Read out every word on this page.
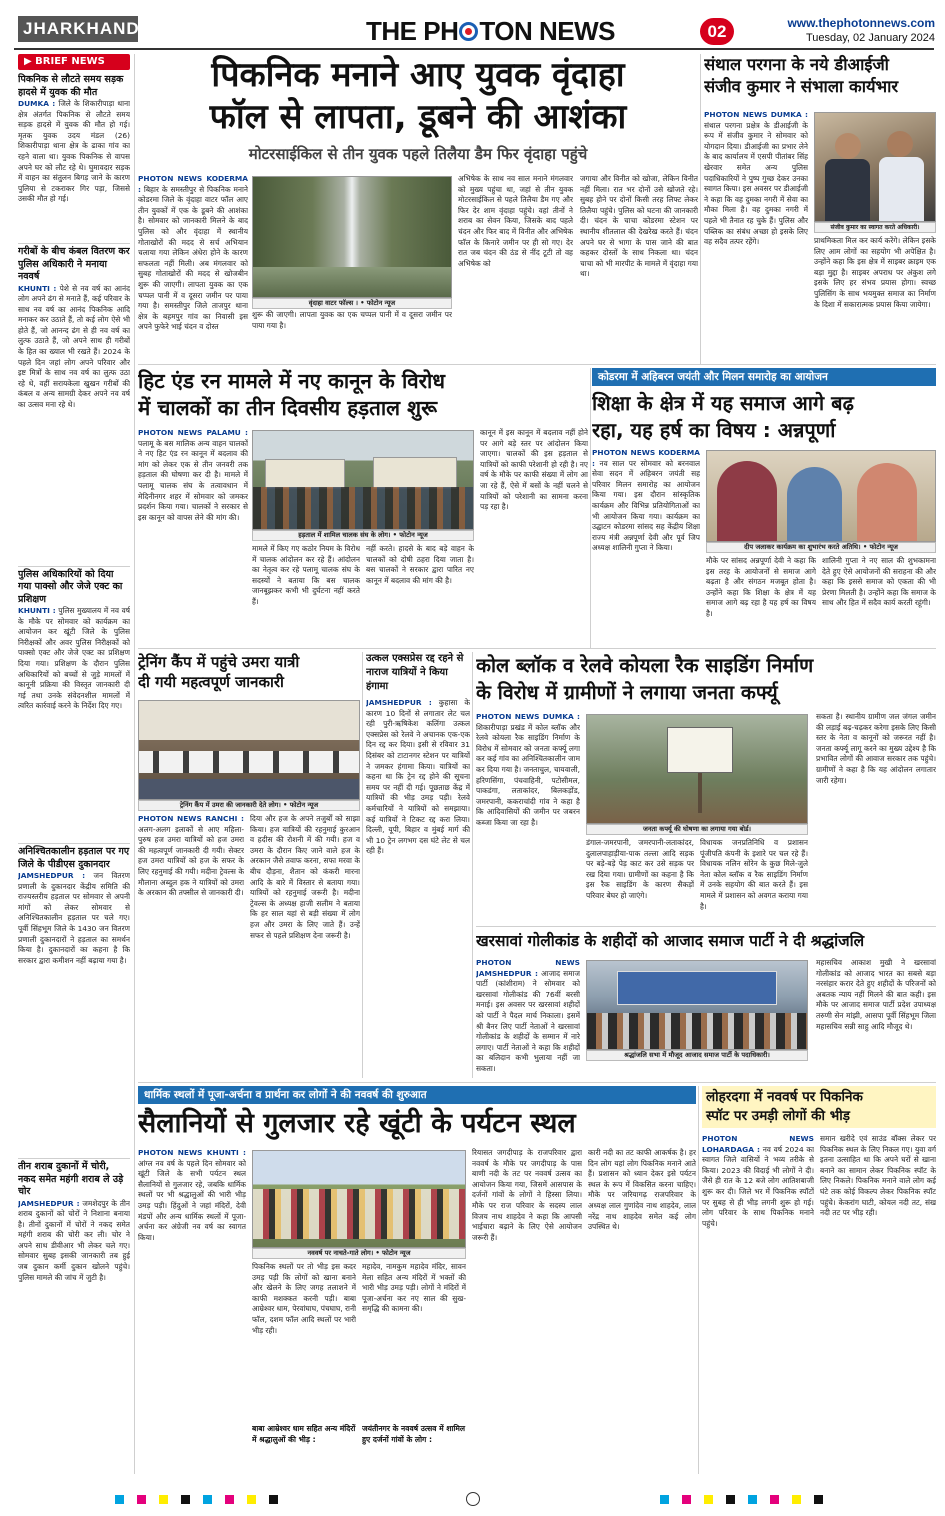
JHARKHAND	THE PH TON NEWS	02	www.thephotonnews.com
Tuesday, 02 January 2024
▶ BRIEF NEWS
पिकनिक से लौटते समय सड़क हादसे में युवक की मौत
DUMKA : जिले के शिकारीपाड़ा थाना क्षेत्र अंतर्गत पिकनिक से लौटते समय सड़क हादसे में युवक की मौत हो गई। मृतक युवक उदय मंडल (26) शिकारीपाड़ा थाना क्षेत्र के ढाका गांव का रहने वाला था। युवक पिकनिक से वापस अपने घर को लौट रहे थे। घुमावदार सड़क में वाहन का संतुलन बिगड़ जाने के कारण पुलिया से टकराकर गिर पड़ा, जिससे उसकी मौत हो गई।
गरीबों के बीच कंबल वितरण कर पुलिस अधिकारी ने मनाया नववर्ष
KHUNTI : पेशे से नव वर्ष का आनंद लोग अपने ढंग से मनाते हैं, कई परिवार के साथ नव वर्ष का आनंद पिकनिक आदि मनाकर कर उठाते हैं, तो कई लोग ऐसे भी होते हैं, जो आनन्द ढंग से ही नव वर्ष का लुत्फ उठाते हैं, जो अपने साथ ही गरीबों के हित का ख्याल भी रखते हैं। 2024 के पहले दिन जहां लोग अपने परिवार और इष्ट मित्रों के साथ नव वर्ष का लुत्फ उठा रहे थे, वहीं सरायकेला खुखन गरीबों की कंबल व अन्य सामग्री देकर अपने नव वर्ष का उत्सव मना रहे थे।
पुलिस अधिकारियों को दिया गया पाक्सो और जेजे एक्ट का प्रशिक्षण
KHUNTI : पुलिस मुख्यालय में नव वर्ष के मौके पर सोमवार को कार्यक्रम का आयोजन कर खूंटी जिले के पुलिस निरीक्षकों और अवर पुलिस निरीक्षकों को पाक्सो एक्ट और जेजे एक्ट का प्रशिक्षण दिया गया। प्रशिक्षण के दौरान पुलिस अधिकारियों को बच्चों से जुड़े मामलों में कानूनी प्रक्रिया की विस्तृत जानकारी दी गई तथा उनके संवेदनशील मामलों में त्वरित कार्रवाई करने के निर्देश दिए गए।
अनिश्चितकालीन हड़ताल पर गए जिले के पीडीएस दुकानदार
JAMSHEDPUR : जन वितरण प्रणाली के दुकानदार केंद्रीय समिति की राज्यस्तरीय हड़ताल पर सोमवार से अपनी मांगों को लेकर सोमवार से अनिश्चितकालीन हड़ताल पर चले गए। पूर्वी सिंहभूम जिले के 1430 जन वितरण प्रणाली दुकानदारों ने हड़ताल का समर्थन किया है। दुकानदारों का कहना है कि सरकार द्वारा कमीशन नहीं बढ़ाया गया है।
तीन शराब दुकानों में चोरी, नकद समेत महंगी शराब ले उड़े चोर
JAMSHEDPUR : जमशेदपुर के तीन शराब दुकानों को चोरों ने निशाना बनाया है। तीनों दुकानों में चोरों ने नकद समेत महंगी शराब की चोरी कर ली। चोर ने अपने साथ डीवीआर भी लेकर चले गए। सोमवार सुबह इसकी जानकारी तब हुई जब दुकान कर्मी दुकान खोलने पहुंचे। पुलिस मामले की जांच में जुटी है।
पिकनिक मनाने आए युवक वृंदाहा
फॉल से लापता, डूबने की आशंका
मोटरसाईकिल से तीन युवक पहले तिलैया डैम फिर वृंदाहा पहुंचे
PHOTON NEWS KODERMA : बिहार के समस्तीपुर से पिकनिक मनाने कोडरमा जिले के वृंदाहा वाटर फॉल आए तीन युवकों में एक के डूबने की आशंका है। सोमवार को जानकारी मिलने के बाद पुलिस को और वृंदाहा में स्थानीय गोताखोरों की मदद से सर्च अभियान चलाया गया लेकिन अंधेरा होने के कारण सफलता नहीं मिली। अब मंगलवार को सुबह गोताखोरों की मदद से खोजबीन शुरू की जाएगी। लापता युवक का एक चप्पल पानी में व दूसरा जमीन पर पाया गया है। समस्तीपुर जिले ताजपुर थाना क्षेत्र के बहमपुर गांव का निवासी इस अपने फुफेरे भाई चंदन व दोस्त
वृंदाहा वाटर फॉल्स । • फोटोन न्यूज
शुरू की जाएगी। लापता युवक का एक चप्पल पानी में व दूसरा जमीन पर पाया गया है।
अभिषेक के साथ नव साल मनाने मंगलवार को मुख्य पहुंचा था, जहां से तीन युवक मोटरसाईकिल से पहले तिलैया डैम गए और फिर देर शाम वृंदाहा पहुंचे। वहां तीनों ने शराब का सेवन किया, जिसके बाद पहले चंदन और फिर बाद में विनीत और अभिषेक फॉल के किनारे जमीन पर ही सो गए। देर रात जब चंदन की ठंड से नींद टूटी तो वह अभिषेक को
जगाया और विनीत को खोजा, लेकिन विनीत नहीं मिला। रात भर दोनों उसे खोजते रहे। सुबह होने पर दोनों किसी तरह लिफ्ट लेकर तिलैया पहुंचे। पुलिस को घटना की जानकारी दी। चंदन के चाचा कोडरमा स्टेशन पर स्थानीय शीतलाल की देखरेख करते हैं। चंदन अपने घर से भागा के पास जाने की बात कहकर दोस्तों के साथ निकला था। चंदन चाचा को भी मारपीट के मामले में वृंदाहा गया था।
संथाल परगना के नये डीआईजी
संजीव कुमार ने संभाला कार्यभार
PHOTON NEWS DUMKA : संथाल परगना प्रक्षेत्र के डीआईजी के रूप में संजीव कुमार ने सोमवार को योगदान दिया। डीआईजी का प्रभार लेने के बाद कार्यालय में एसपी पीतांबर सिंह खेरवार समेत अन्य पुलिस पदाधिकारियों ने पुष्प गुच्छ देकर उनका स्वागत किया। इस अवसर पर डीआईजी ने कहा कि वह दुमका नगरी में सेवा का मौका मिला है। वह दुमका नगरी में पहले भी तैनात रह चुके हैं। पुलिस और पब्लिक का संबंध अच्छा हो इसके लिए वह सदैव तत्पर रहेंगे।
संजीव कुमार का स्वागत करते अधिकारी।
प्राथमिकता मिल कर कार्य करेंगे। लेकिन इसके लिए आम लोगों का सहयोग भी अपेक्षित है। उन्होंने कहा कि इस क्षेत्र में साइबर क्राइम एक बड़ा मुद्दा है। साइबर अपराध पर अंकुश लगे इसके लिए हर संभव प्रयास होगा। स्वच्छ पुलिसिंग के साथ भयमुक्त समाज का निर्माण के दिशा में सकारात्मक प्रयास किया जायेगा।
हिट एंड रन मामले में नए कानून के विरोध
में चालकों का तीन दिवसीय हड़ताल शुरू
PHOTON NEWS PALAMU : पलामू के बस मालिक अन्य वाहन चालकों ने नए हिट एंड रन कानून में बदलाव की मांग को लेकर एक से तीन जनवरी तक हड़ताल की घोषणा कर दी है। मामले में पलामू चालक संघ के तत्वावधान में मेदिनीनगर शहर में सोमवार को जमकर प्रदर्शन किया गया। चालकों ने सरकार से इस कानून को वापस लेने की मांग की।
हड़ताल में शामिल चालक संघ के लोग। • फोटोन न्यूज
मामले में किए गए कठोर नियम के विरोध में चालक आंदोलन कर रहे हैं। आंदोलन का नेतृत्व कर रहे पलामू चालक संघ के सदस्यों ने बताया कि बस चालक जानबूझकर कभी भी दुर्घटना नहीं करते हैं।
नहीं करते। हादसे के बाद बड़े वाहन के चालकों को दोषी ठहरा दिया जाता है। बस चालकों ने सरकार द्वारा पारित नए कानून में बदलाव की मांग की है।
कानून में इस कानून में बदलाव नहीं होने पर आगे बड़े स्तर पर आंदोलन किया जाएगा। चालकों की इस हड़ताल से यात्रियों को काफी परेशानी हो रही है। नए वर्ष के मौके पर काफी संख्या में लोग आ जा रहे हैं, ऐसे में बसों के नहीं चलने से यात्रियों को परेशानी का सामना करना पड़ रहा है।
कोडरमा में अहिबरन जयंती और मिलन समारोह का आयोजन
शिक्षा के क्षेत्र में यह समाज आगे बढ़
रहा, यह हर्ष का विषय : अन्नपूर्णा
PHOTON NEWS KODERMA : नव साल पर सोमवार को बरनवाल सेवा सदन में अहिबरन जयंती सह परिवार मिलन समारोह का आयोजन किया गया। इस दौरान सांस्कृतिक कार्यक्रम और विभिन्न प्रतियोगिताओं का भी आयोजन किया गया। कार्यक्रम का उद्घाटन कोडरमा सांसद सह केंद्रीय शिक्षा राज्य मंत्री अन्नपूर्णा देवी और पूर्व जिप अध्यक्ष शालिनी गुप्ता ने किया।	दीप जलाकर कार्यक्रम का शुभारंभ करते अतिथि। • फोटोन न्यूज
मौके पर सांसद अन्नपूर्णा देवी ने कहा कि इस तरह के आयोजनों से समाज आगे बढ़ता है और संगठन मजबूत होता है। उन्होंने कहा कि शिक्षा के क्षेत्र में यह समाज आगे बढ़ रहा है यह हर्ष का विषय है।
शालिनी गुप्ता ने नए साल की शुभकामना देते हुए ऐसे आयोजनों की सराहना की और कहा कि इससे समाज को एकता की भी प्रेरणा मिलती है। उन्होंने कहा कि समाज के साथ और हित में सदैव कार्य करती रहूंगी।
ट्रेनिंग कैंप में पहुंचे उमरा यात्री
दी गयी महत्वपूर्ण जानकारी
ट्रेनिंग कैंप में उमरा की जानकारी देते लोग। • फोटोन न्यूज
PHOTON NEWS RANCHI : अलग-अलग इलाकों से आए महिला-पुरुष हज उमरा यात्रियों को हज उमरा की महत्वपूर्ण जानकारी दी गयी। सेक्टर हज उमरा यात्रियों को हज के सफर के लिए रहनुमाई की गयी। मदीना ट्रेवल्स के मौलाना अब्दुल हक ने यात्रियों को उमरा के अरकान की तफ्सील से जानकारी दी।
दिया और हज के अपने तजुर्बों को साझा किया। हज यात्रियों की रहनुमाई कुरआन व हदीस की रोशनी में की गयी। हज व उमरा के दौरान किए जाने वाले हज के अरकान जैसे तवाफ करना, सफा मरवा के बीच दौड़ना, शैतान को कंकरी मारना आदि के बारे में विस्तार से बताया गया। यात्रियों को रहनुमाई जरूरी है। मदीना ट्रेवल्स के अध्यक्ष हाजी सलीम ने बताया कि हर साल यहां से बड़ी संख्या में लोग हज और उमरा के लिए जाते हैं। उन्हें सफर से पहले प्रशिक्षण देना जरूरी है।
उत्कल एक्सप्रेस रद्द रहने से नाराज यात्रियों ने किया हंगामा
JAMSHEDPUR : कुहासा के कारण 10 दिनों से लगातार लेट चल रही पुरी-ऋषिकेश कलिंगा उत्कल एक्सप्रेस को रेलवे ने अचानक एक-एक दिन रद्द कर दिया। इसी से रविवार 31 दिसंबर को टाटानगर स्टेशन पर यात्रियों ने जमकर हंगामा किया। यात्रियों का कहना था कि ट्रेन रद्द होने की सूचना समय पर नहीं दी गई। पूछताछ केंद्र में यात्रियों की भीड़ उमड़ पड़ी। रेलवे कर्मचारियों ने यात्रियों को समझाया। कई यात्रियों ने टिकट रद्द करा लिया। दिल्ली, यूपी, बिहार व मुंबई मार्ग की भी 10 ट्रेन लगभग दस घंटे लेट से चल रही हैं।
कोल ब्लॉक व रेलवे कोयला रैक साइडिंग निर्माण
के विरोध में ग्रामीणों ने लगाया जनता कर्फ्यू
PHOTON NEWS DUMKA : शिकारीपाड़ा प्रखंड में कोल ब्लॉक और रेलवे कोयला रैक साइडिंग निर्माण के विरोध में सोमवार को जनता कर्फ्यू लगा कर कई गांव का अनिश्चितकालीन जाम कर दिया गया है। जनताचुल, चायवाली, हरिणसिंगा, पंचवाहिनी, पटोसीमल, पाकडंगा, लताकांदर, बिलकड़ोंड, जमरपानी, ककराचांदी गांव ने कहा है कि आदिवासियों की जमीन पर जबरन कब्जा किया जा रहा है।
जनता कर्फ्यू की घोषणा का लगाया गया बोर्ड।
डंगाल-जमरपानी, जमरपानी-लताकांदर, दुलालपाहाड़ीया-पाक तल्ला आदि सड़क पर बड़े-बड़े पेड़ काट कर उसे सड़क पर रख दिया गया। ग्रामीणों का कहना है कि इस रैक साइडिंग के कारण सैकड़ों परिवार बेघर हो जाएंगे।
विधायक जनप्रतिनिधि व प्रशासन पूंजीपति कंपनी के इशारे पर चल रहे हैं। विधायक नलिन सोरेन के कुछ मिले-जुले नेता कोल ब्लॉक व रैक साइडिंग निर्माण में उनके सहयोग की बात करते हैं। इस मामले में प्रशासन को अवगत कराया गया है।
सकता है। स्थानीय ग्रामीण जल जंगल जमीन की लड़ाई बढ़-चढ़कर करेगा इसके लिए किसी स्तर के नेता व कानूनों को जरूरत नहीं है। जनता कर्फ्यू लागू करने का मुख्य उद्देश्य है कि प्रभावित लोगों की आवाज सरकार तक पहुंचे। ग्रामीणों ने कहा है कि यह आंदोलन लगातार जारी रहेगा।
खरसावां गोलीकांड के शहीदों को आजाद समाज पार्टी ने दी श्रद्धांजलि
PHOTON NEWS JAMSHEDPUR : आजाद समाज पार्टी (कांशीराम) ने सोमवार को खरसावां गोलीकांड की 76वीं बरसी मनाई। इस अवसर पर खरसावां शहीदों को पार्टी ने पैदल मार्च निकाला। इसमें श्री बैनर लिए पार्टी नेताओं ने खरसावां गोलीकांड के शहीदों के सम्मान में नारे लगाए। पार्टी नेताओं ने कहा कि शहीदों का बलिदान कभी भुलाया नहीं जा सकता।
श्रद्धांजलि सभा में मौजूद आजाद समाज पार्टी के पदाधिकारी।
महासचिव आकाश मुखी ने खरसावां गोलीकांड को आजाद भारत का सबसे बड़ा नरसंहार करार देते हुए शहीदों के परिजनों को अबतक न्याय नहीं मिलने की बात कही। इस मौके पर आजाद समाज पार्टी प्रदेश उपाध्यक्ष तरुणी सेन मांझी, आसपा पूर्वी सिंहभूम जिला महासचिव सन्नी साहु आदि मौजूद थे।
धार्मिक स्थलों में पूजा-अर्चना व प्रार्थना कर लोगों ने की नववर्ष की शुरुआत
सैलानियों से गुलजार रहे खूंटी के पर्यटन स्थल
PHOTON NEWS KHUNTI : आंग्ल नव वर्ष के पहले दिन सोमवार को खूंटी जिले के सभी पर्यटन स्थल सैलानियों से गुलजार रहे, जबकि धार्मिक स्थलों पर भी श्रद्धालुओं की भारी भीड़ उमड़ पड़ी। हिंदुओं ने जहां मंदिरों, देवी मंडपों और अन्य धार्मिक स्थलों में पूजा-अर्चना कर अंग्रेजी नव वर्ष का स्वागत किया।
नववर्ष पर नाचते-गाते लोग। • फोटोन न्यूज
पिकनिक स्थलों पर तो भीड़ इस कदर उमड़ पड़ी कि लोगों को खाना बनाने और खेलने के लिए जगह तलाशने में काफी मशक्कत करनी पड़ी। बाबा आम्रेश्वर धाम, पेरवांघाघ, पंचघाघ, रानी फॉल, दशम फॉल आदि स्थलों पर भारी भीड़ रही।
महादेव, नामकुम महादेव मंदिर, सावन मेला सहित अन्य मंदिरों में भक्तों की भारी भीड़ उमड़ पड़ी। लोगों ने मंदिरों में पूजा-अर्चना कर नए साल की सुख-समृद्धि की कामना की।
बाबा आम्रेश्वर धाम सहित अन्य मंदिरों में श्रद्धालुओं की भीड़ :
जयंतीनगर के नववर्ष उत्सव में शामिल हुए दर्जनों गांवों के लोग :
रियासत जगदीपाड़ के राजपरिवार द्वारा नववर्ष के मौके पर जगदीपाड़ के पास बाणी नदी के तट पर नववर्ष उत्सव का आयोजन किया गया, जिसमें आसपास के दर्जनों गांवों के लोगों ने हिस्सा लिया। मौके पर राज परिवार के सदस्य लाल विजय नाथ शाहदेव ने कहा कि आपसी भाईचारा बढ़ाने के लिए ऐसे आयोजन जरूरी हैं।
कारी नदी का तट काफी आकर्षक है। हर दिन लोग यहां लोग पिकनिक मनाने आते हैं। प्रशासन को ध्यान देकर इसे पर्यटन स्थल के रूप में विकसित करना चाहिए। मौके पर जरियागढ़ राजपरिवार के अध्यक्ष लाल गुणांदेव नाथ शाहदेव, लाल नरेंद्र नाथ शाहदेव समेत कई लोग उपस्थित थे।
लोहरदगा में नववर्ष पर पिकनिक
स्पॉट पर उमड़ी लोगों की भीड़
PHOTON NEWS LOHARDAGA : नव वर्ष 2024 का स्वागत जिले वासियों ने भव्य तरीके से किया। 2023 की विदाई भी लोगों ने दी। जैसे ही रात के 12 बजे लोग आतिशबाजी शुरू कर दी। जिले भर में पिकनिक स्पॉटों पर सुबह से ही भीड़ लगनी शुरू हो गई। लोग परिवार के साथ पिकनिक मनाने पहुंचे।
समान खरीदे एवं साउंड बॉक्स लेकर पर पिकनिक स्थल के लिए निकल गए। युवा वर्ग इतना उत्साहित था कि अपने घरों से खाना बनाने का सामान लेकर पिकनिक स्पॉट के लिए निकले। पिकनिक मनाने वाले लोग कई घंटे तक कोई विकल्प लेकर पिकनिक स्पॉट पहुंचे। केकरांग घाटी, कोयल नदी तट, संख नदी तट पर भीड़ रही।
